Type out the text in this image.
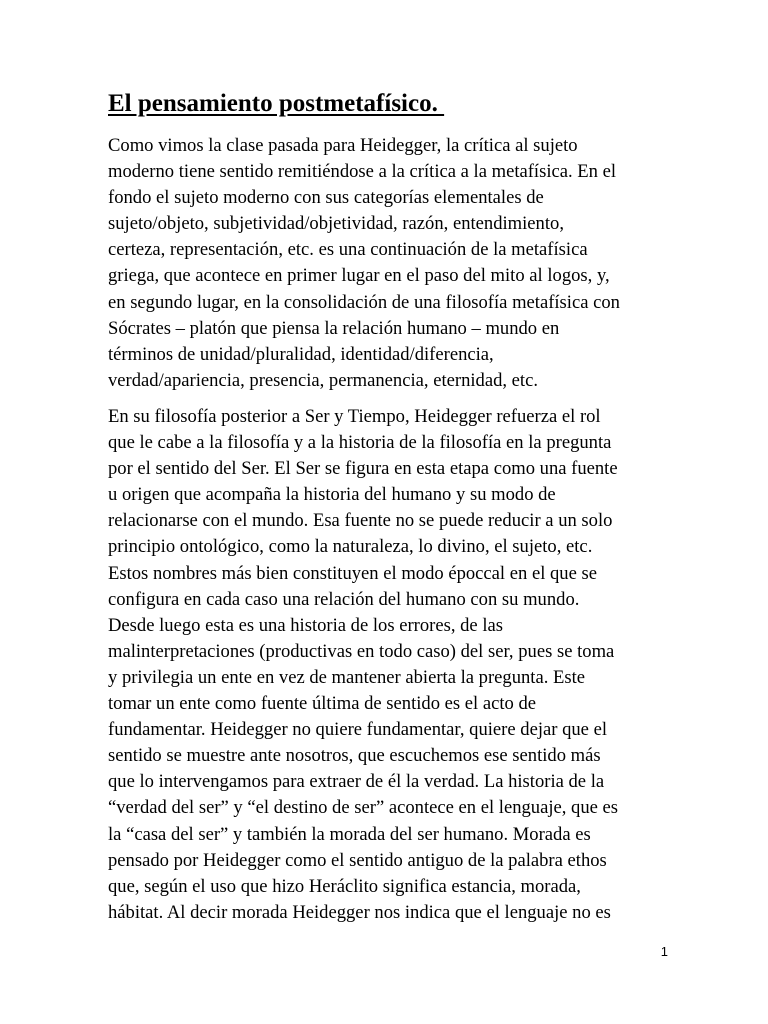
El pensamiento postmetafísico.
Como vimos la clase pasada para Heidegger, la crítica al sujeto
moderno tiene sentido remitiéndose a la crítica a la metafísica. En el
fondo el sujeto moderno con sus categorías elementales de
sujeto/objeto, subjetividad/objetividad, razón, entendimiento,
certeza, representación, etc. es una continuación de la metafísica
griega, que acontece en primer lugar en el paso del mito al logos, y,
en segundo lugar, en la consolidación de una filosofía metafísica con
Sócrates – platón que piensa la relación humano – mundo en
términos de unidad/pluralidad, identidad/diferencia,
verdad/apariencia, presencia, permanencia, eternidad, etc.
En su filosofía posterior a Ser y Tiempo, Heidegger refuerza el rol
que le cabe a la filosofía y a la historia de la filosofía en la pregunta
por el sentido del Ser. El Ser se figura en esta etapa como una fuente
u origen que acompaña la historia del humano y su modo de
relacionarse con el mundo. Esa fuente no se puede reducir a un solo
principio ontológico, como la naturaleza, lo divino, el sujeto, etc.
Estos nombres más bien constituyen el modo époccal en el que se
configura en cada caso una relación del humano con su mundo.
Desde luego esta es una historia de los errores, de las
malinterpretaciones (productivas en todo caso) del ser, pues se toma
y privilegia un ente en vez de mantener abierta la pregunta. Este
tomar un ente como fuente última de sentido es el acto de
fundamentar. Heidegger no quiere fundamentar, quiere dejar que el
sentido se muestre ante nosotros, que escuchemos ese sentido más
que lo intervengamos para extraer de él la verdad. La historia de la
“verdad del ser” y “el destino de ser” acontece en el lenguaje, que es
la “casa del ser” y también la morada del ser humano. Morada es
pensado por Heidegger como el sentido antiguo de la palabra ethos
que, según el uso que hizo Heráclito significa estancia, morada,
hábitat. Al decir morada Heidegger nos indica que el lenguaje no es
1
